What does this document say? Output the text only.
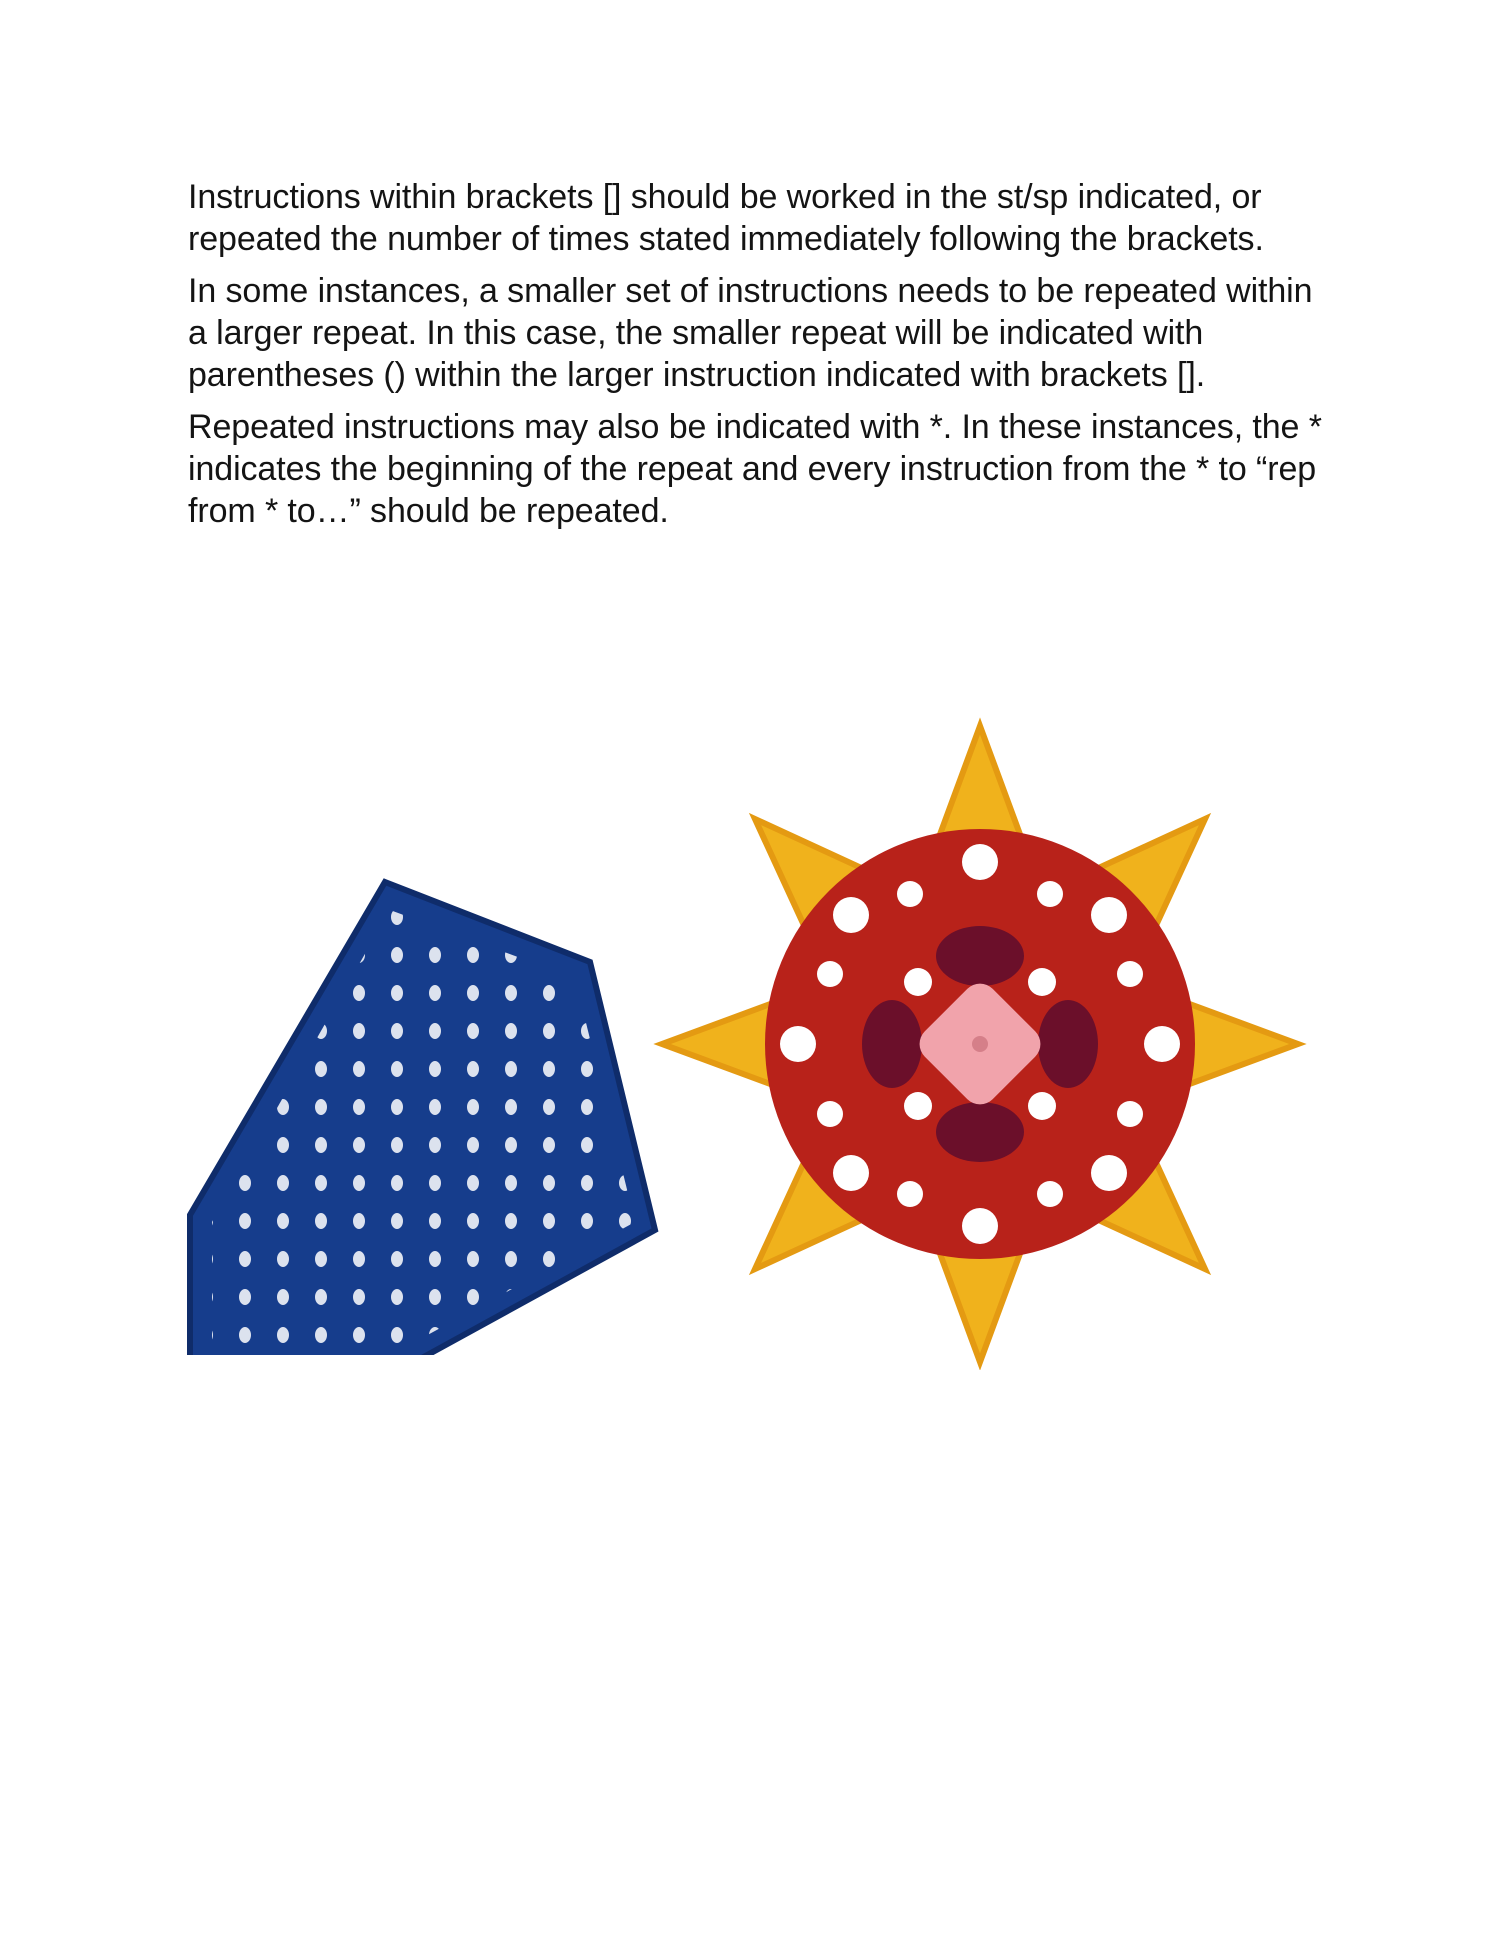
Instructions within brackets [] should be worked in the st/sp indicated, or repeated the number of times stated immediately following the brackets.

In some instances, a smaller set of instructions needs to be repeated within a larger repeat. In this case, the smaller repeat will be indicated with parentheses () within the larger instruction indicated with brackets [].

Repeated instructions may also be indicated with *. In these instances, the * indicates the beginning of the repeat and every instruction from the * to “rep from * to…” should be repeated.
